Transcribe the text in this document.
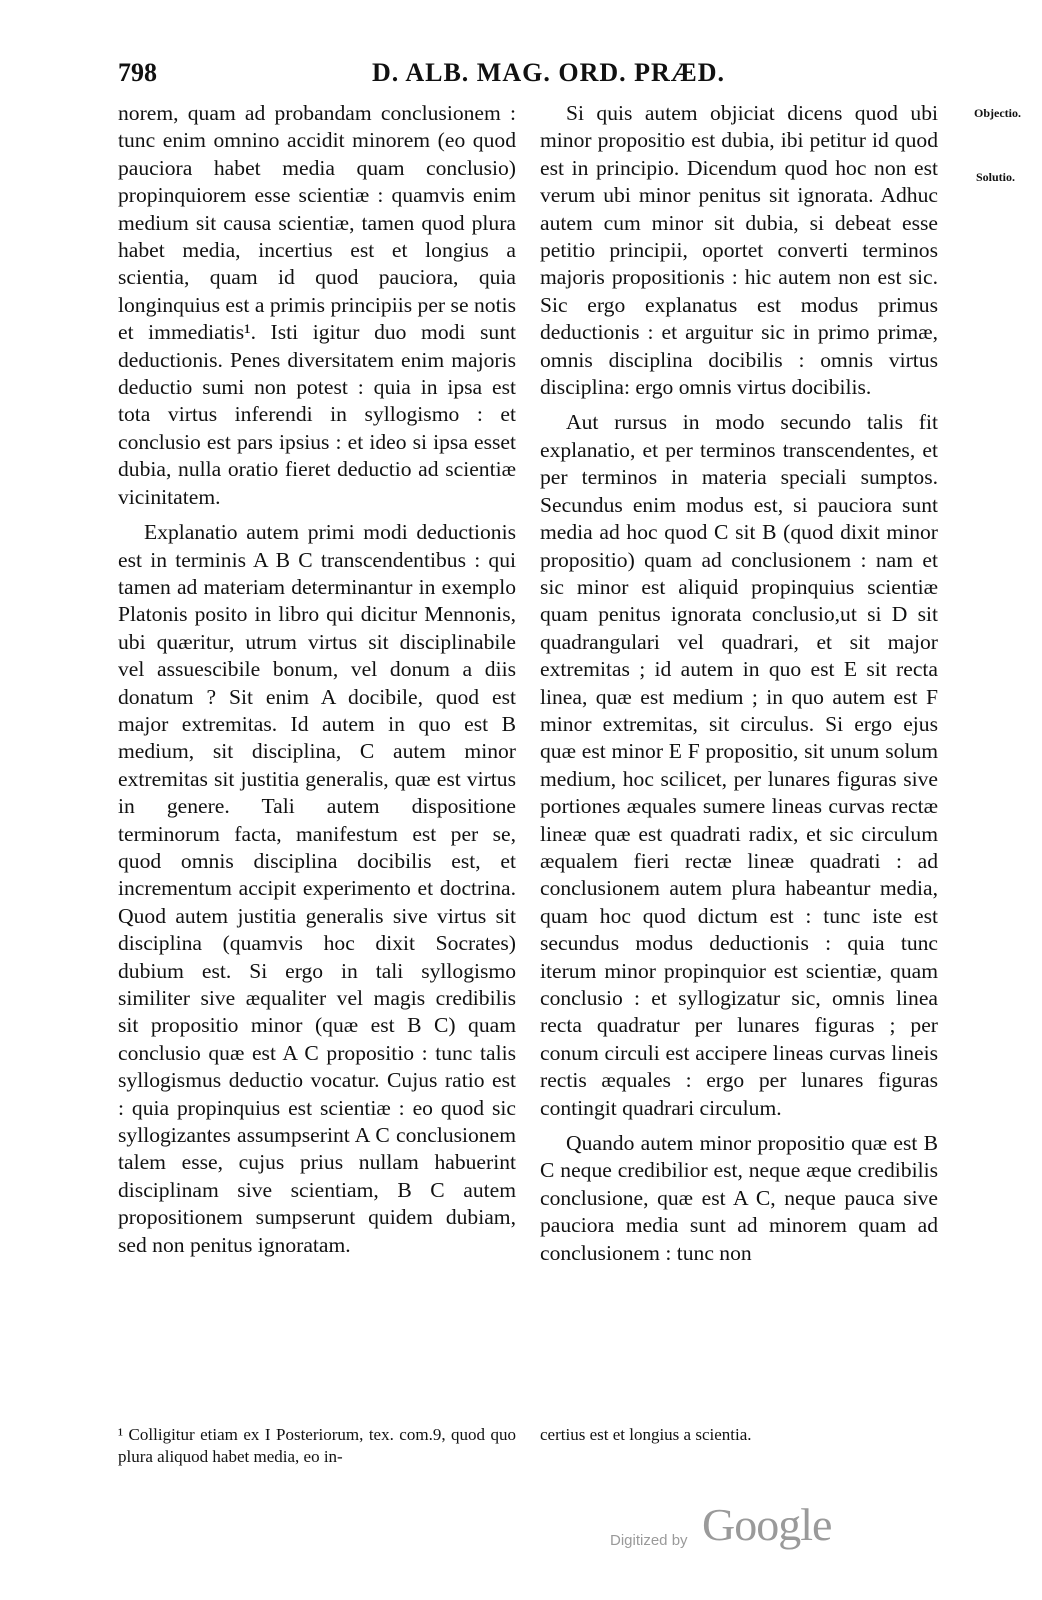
798	D. ALB. MAG. ORD. PRÆD.
Objectio.
Solutio.

norem, quam ad probandam conclusionem : tunc enim omnino accidit minorem (eo quod pauciora habet media quam conclusio) propinquiorem esse scientiæ : quamvis enim medium sit causa scientiæ, tamen quod plura habet media, incertius est et longius a scientia, quam id quod pauciora, quia longinquius est a primis principiis per se notis et immediatis¹. Isti igitur duo modi sunt deductionis. Penes diversitatem enim majoris deductio sumi non potest : quia in ipsa est tota virtus inferendi in syllogismo : et conclusio est pars ipsius : et ideo si ipsa esset dubia, nulla oratio fieret deductio ad scientiæ vicinitatem.

Explanatio autem primi modi deductionis est in terminis A B C transcendentibus : qui tamen ad materiam determinantur in exemplo Platonis posito in libro qui dicitur Mennonis, ubi quæritur, utrum virtus sit disciplinabile vel assuescibile bonum, vel donum a diis donatum ? Sit enim A docibile, quod est major extremitas. Id autem in quo est B medium, sit disciplina, C autem minor extremitas sit justitia generalis, quæ est virtus in genere. Tali autem dispositione terminorum facta, manifestum est per se, quod omnis disciplina docibilis est, et incrementum accipit experimento et doctrina. Quod autem justitia generalis sive virtus sit disciplina (quamvis hoc dixit Socrates) dubium est. Si ergo in tali syllogismo similiter sive æqualiter vel magis credibilis sit propositio minor (quæ est B C) quam conclusio quæ est A C propositio : tunc talis syllogismus deductio vocatur. Cujus ratio est : quia propinquius est scientiæ : eo quod sic syllogizantes assumpserint A C conclusionem talem esse, cujus prius nullam habuerint disciplinam sive scientiam, B C autem propositionem sumpserunt quidem dubiam, sed non penitus ignoratam.

Si quis autem objiciat dicens quod ubi minor propositio est dubia, ibi petitur id quod est in principio. Dicendum quod hoc non est verum ubi minor penitus sit ignorata. Adhuc autem cum minor sit dubia, si debeat esse petitio principii, oportet converti terminos majoris propositionis : hic autem non est sic. Sic ergo explanatus est modus primus deductionis : et arguitur sic in primo primæ, omnis disciplina docibilis : omnis virtus disciplina: ergo omnis virtus docibilis.

Aut rursus in modo secundo talis fit explanatio, et per terminos transcendentes, et per terminos in materia speciali sumptos. Secundus enim modus est, si pauciora sunt media ad hoc quod C sit B (quod dixit minor propositio) quam ad conclusionem : nam et sic minor est aliquid propinquius scientiæ quam penitus ignorata conclusio,ut si D sit quadrangulari vel quadrari, et sit major extremitas ; id autem in quo est E sit recta linea, quæ est medium ; in quo autem est F minor extremitas, sit circulus. Si ergo ejus quæ est minor E F propositio, sit unum solum medium, hoc scilicet, per lunares figuras sive portiones æquales sumere lineas curvas rectæ lineæ quæ est quadrati radix, et sic circulum æqualem fieri rectæ lineæ quadrati : ad conclusionem autem plura habeantur media, quam hoc quod dictum est : tunc iste est secundus modus deductionis : quia tunc iterum minor propinquior est scientiæ, quam conclusio : et syllogizatur sic, omnis linea recta quadratur per lunares figuras ; per conum circuli est accipere lineas curvas lineis rectis æquales : ergo per lunares figuras contingit quadrari circulum.

Quando autem minor propositio quæ est B C neque credibilior est, neque æque credibilis conclusione, quæ est A C, neque pauca sive pauciora media sunt ad minorem quam ad conclusionem : tunc non

¹ Colligitur etiam ex I Posteriorum, tex. com.9, quod quo plura aliquod habet media, eo in-
certius est et longius a scientia.
Digitized by Google
